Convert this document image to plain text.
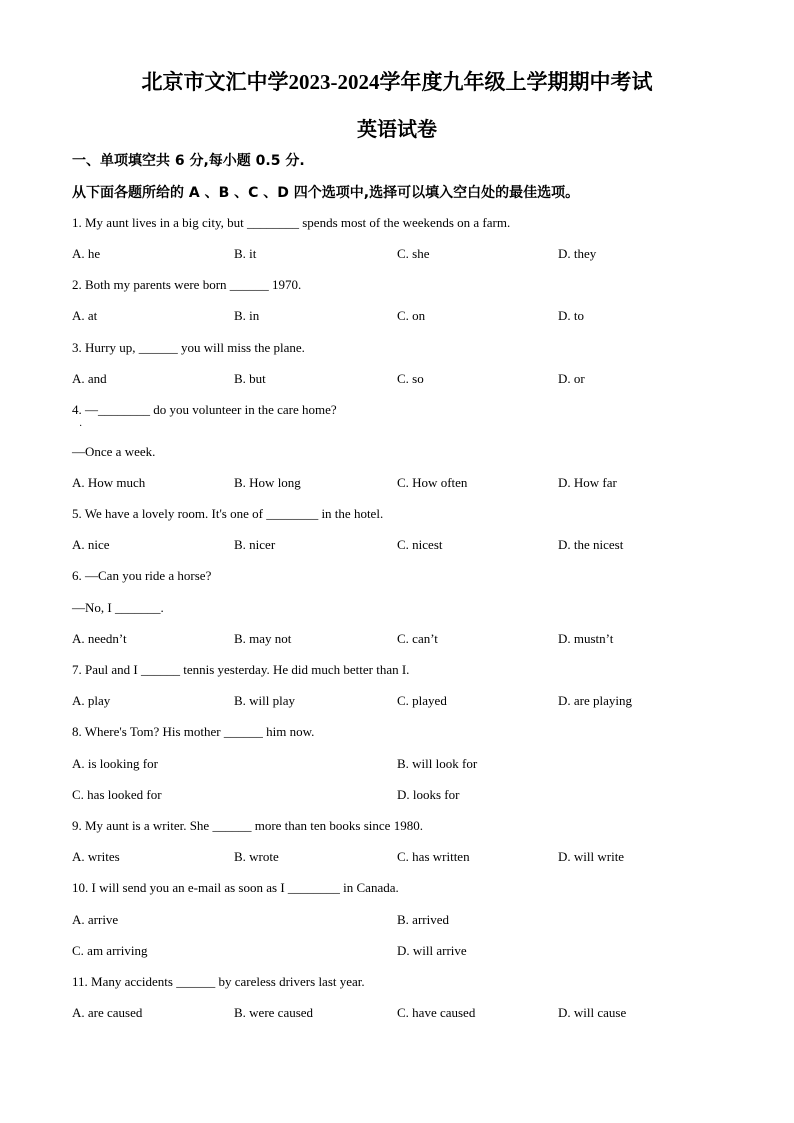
北京市文汇中学2023-2024学年度九年级上学期期中考试
英语试卷
一、单项填空共 6 分,每小题 0.5 分.
从下面各题所给的 A 、B 、C 、D 四个选项中,选择可以填入空白处的最佳选项。
1. My aunt lives in a big city, but ________ spends most of the weekends on a farm.
A. he	B. it	C. she	D. they
2. Both my parents were born ______ 1970.
A. at	B. in	C. on	D. to
3. Hurry up, ______ you will miss the plane.
A. and	B. but	C. so	D. or
4. —________ do you volunteer in the care home?
·
—Once a week.
A. How much	B. How long	C. How often	D. How far
5. We have a lovely room. It's one of ________ in the hotel.
A. nice	B. nicer	C. nicest	D. the nicest
6. —Can you ride a horse?
—No, I _______.
A. needn’t	B. may not	C. can’t	D. mustn’t
7. Paul and I ______ tennis yesterday. He did much better than I.
A. play	B. will play	C. played	D. are playing
8. Where's Tom? His mother ______ him now.
A. is looking for	B. will look for
C. has looked for	D. looks for
9. My aunt is a writer. She ______ more than ten books since 1980.
A. writes	B. wrote	C. has written	D. will write
10. I will send you an e-mail as soon as I ________ in Canada.
A. arrive	B. arrived
C. am arriving	D. will arrive
11. Many accidents ______ by careless drivers last year.
A. are caused	B. were caused	C. have caused	D. will cause
